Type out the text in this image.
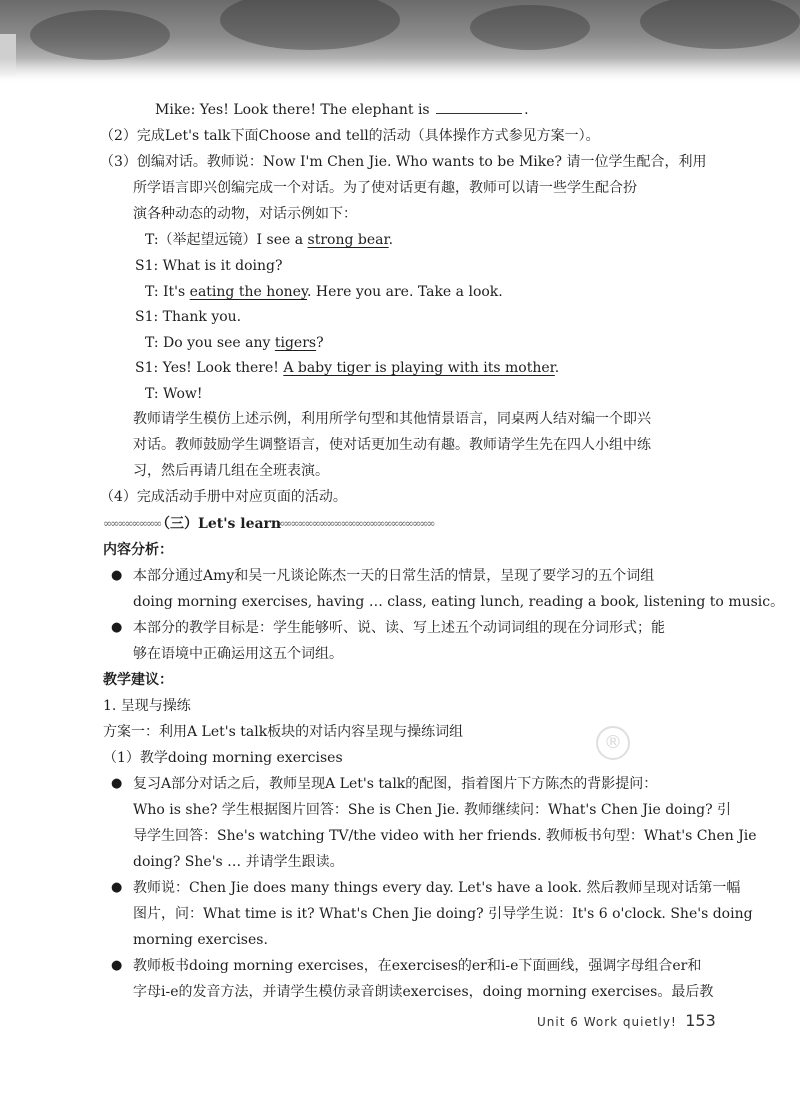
®
Mike: Yes! Look there! The elephant is	.
（2）完成Let's talk下面Choose and tell的活动（具体操作方式参见方案一）。
（3）创编对话。教师说：Now I'm Chen Jie. Who wants to be Mike? 请一位学生配合，利用
所学语言即兴创编完成一个对话。为了使对话更有趣，教师可以请一些学生配合扮
演各种动态的动物，对话示例如下：
T:（举起望远镜）I see a strong bear.
S1: What is it doing?
T: It's eating the honey. Here you are. Take a look.
S1: Thank you.
T: Do you see any tigers?
S1: Yes! Look there! A baby tiger is playing with its mother.
T: Wow!
教师请学生模仿上述示例，利用所学句型和其他情景语言，同桌两人结对编一个即兴
对话。教师鼓励学生调整语言，使对话更加生动有趣。教师请学生先在四人小组中练
习，然后再请几组在全班表演。
（4）完成活动手册中对应页面的活动。
∞∞∞∞∞∞∞∞	∞∞∞∞∞∞∞∞∞∞∞∞∞∞∞∞∞∞∞∞∞∞
（三）Let's learn
内容分析：
● 本部分通过Amy和吴一凡谈论陈杰一天的日常生活的情景，呈现了要学习的五个词组
doing morning exercises, having … class, eating lunch, reading a book, listening to music。
● 本部分的教学目标是：学生能够听、说、读、写上述五个动词词组的现在分词形式；能
够在语境中正确运用这五个词组。
教学建议：
1. 呈现与操练
方案一：利用A Let's talk板块的对话内容呈现与操练词组
（1）教学doing morning exercises
● 复习A部分对话之后，教师呈现A Let's talk的配图，指着图片下方陈杰的背影提问：
Who is she? 学生根据图片回答：She is Chen Jie. 教师继续问：What's Chen Jie doing? 引
导学生回答：She's watching TV/the video with her friends. 教师板书句型：What's Chen Jie
doing? She's … 并请学生跟读。
● 教师说：Chen Jie does many things every day. Let's have a look. 然后教师呈现对话第一幅
图片，问：What time is it? What's Chen Jie doing? 引导学生说：It's 6 o'clock. She's doing
morning exercises.
● 教师板书doing morning exercises，在exercises的er和i-e下面画线，强调字母组合er和
字母i-e的发音方法，并请学生模仿录音朗读exercises，doing morning exercises。最后教
Unit 6 Work quietly! 153
